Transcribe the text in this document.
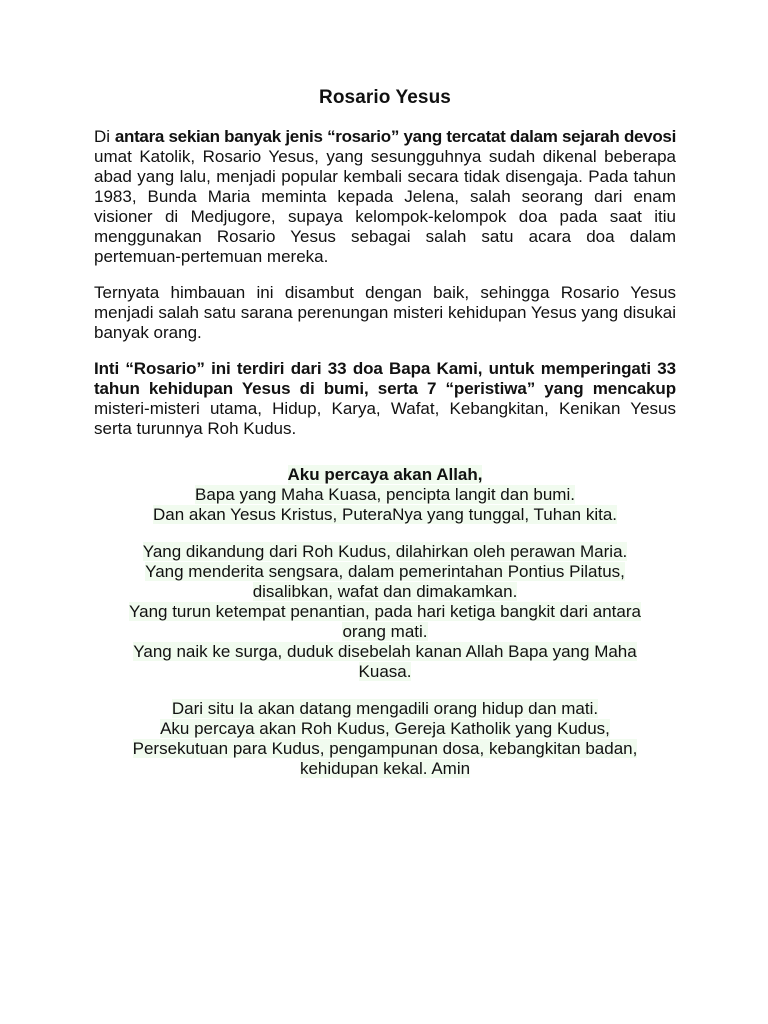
Rosario Yesus

Di antara sekian banyak jenis “rosario” yang tercatat dalam sejarah devosi umat Katolik, Rosario Yesus, yang sesungguhnya sudah dikenal beberapa abad yang lalu, menjadi popular kembali secara tidak disengaja. Pada tahun 1983, Bunda Maria meminta kepada Jelena, salah seorang dari enam visioner di Medjugore, supaya kelompok-kelompok doa pada saat itiu menggunakan Rosario Yesus sebagai salah satu acara doa dalam pertemuan-pertemuan mereka.

Ternyata himbauan ini disambut dengan baik, sehingga Rosario Yesus menjadi salah satu sarana perenungan misteri kehidupan Yesus yang disukai banyak orang.

Inti “Rosario” ini terdiri dari 33 doa Bapa Kami, untuk memperingati 33 tahun kehidupan Yesus di bumi, serta 7 “peristiwa” yang mencakup misteri-misteri utama, Hidup, Karya, Wafat, Kebangkitan, Kenikan Yesus serta turunnya Roh Kudus.

Aku percaya akan Allah,
Bapa yang Maha Kuasa, pencipta langit dan bumi.
Dan akan Yesus Kristus, PuteraNya yang tunggal, Tuhan kita.
Yang dikandung dari Roh Kudus, dilahirkan oleh perawan Maria.
Yang menderita sengsara, dalam pemerintahan Pontius Pilatus,
disalibkan, wafat dan dimakamkan.
Yang turun ketempat penantian, pada hari ketiga bangkit dari antara
orang mati.
Yang naik ke surga, duduk disebelah kanan Allah Bapa yang Maha
Kuasa.
Dari situ Ia akan datang mengadili orang hidup dan mati.
Aku percaya akan Roh Kudus, Gereja Katholik yang Kudus,
Persekutuan para Kudus, pengampunan dosa, kebangkitan badan,
kehidupan kekal. Amin
